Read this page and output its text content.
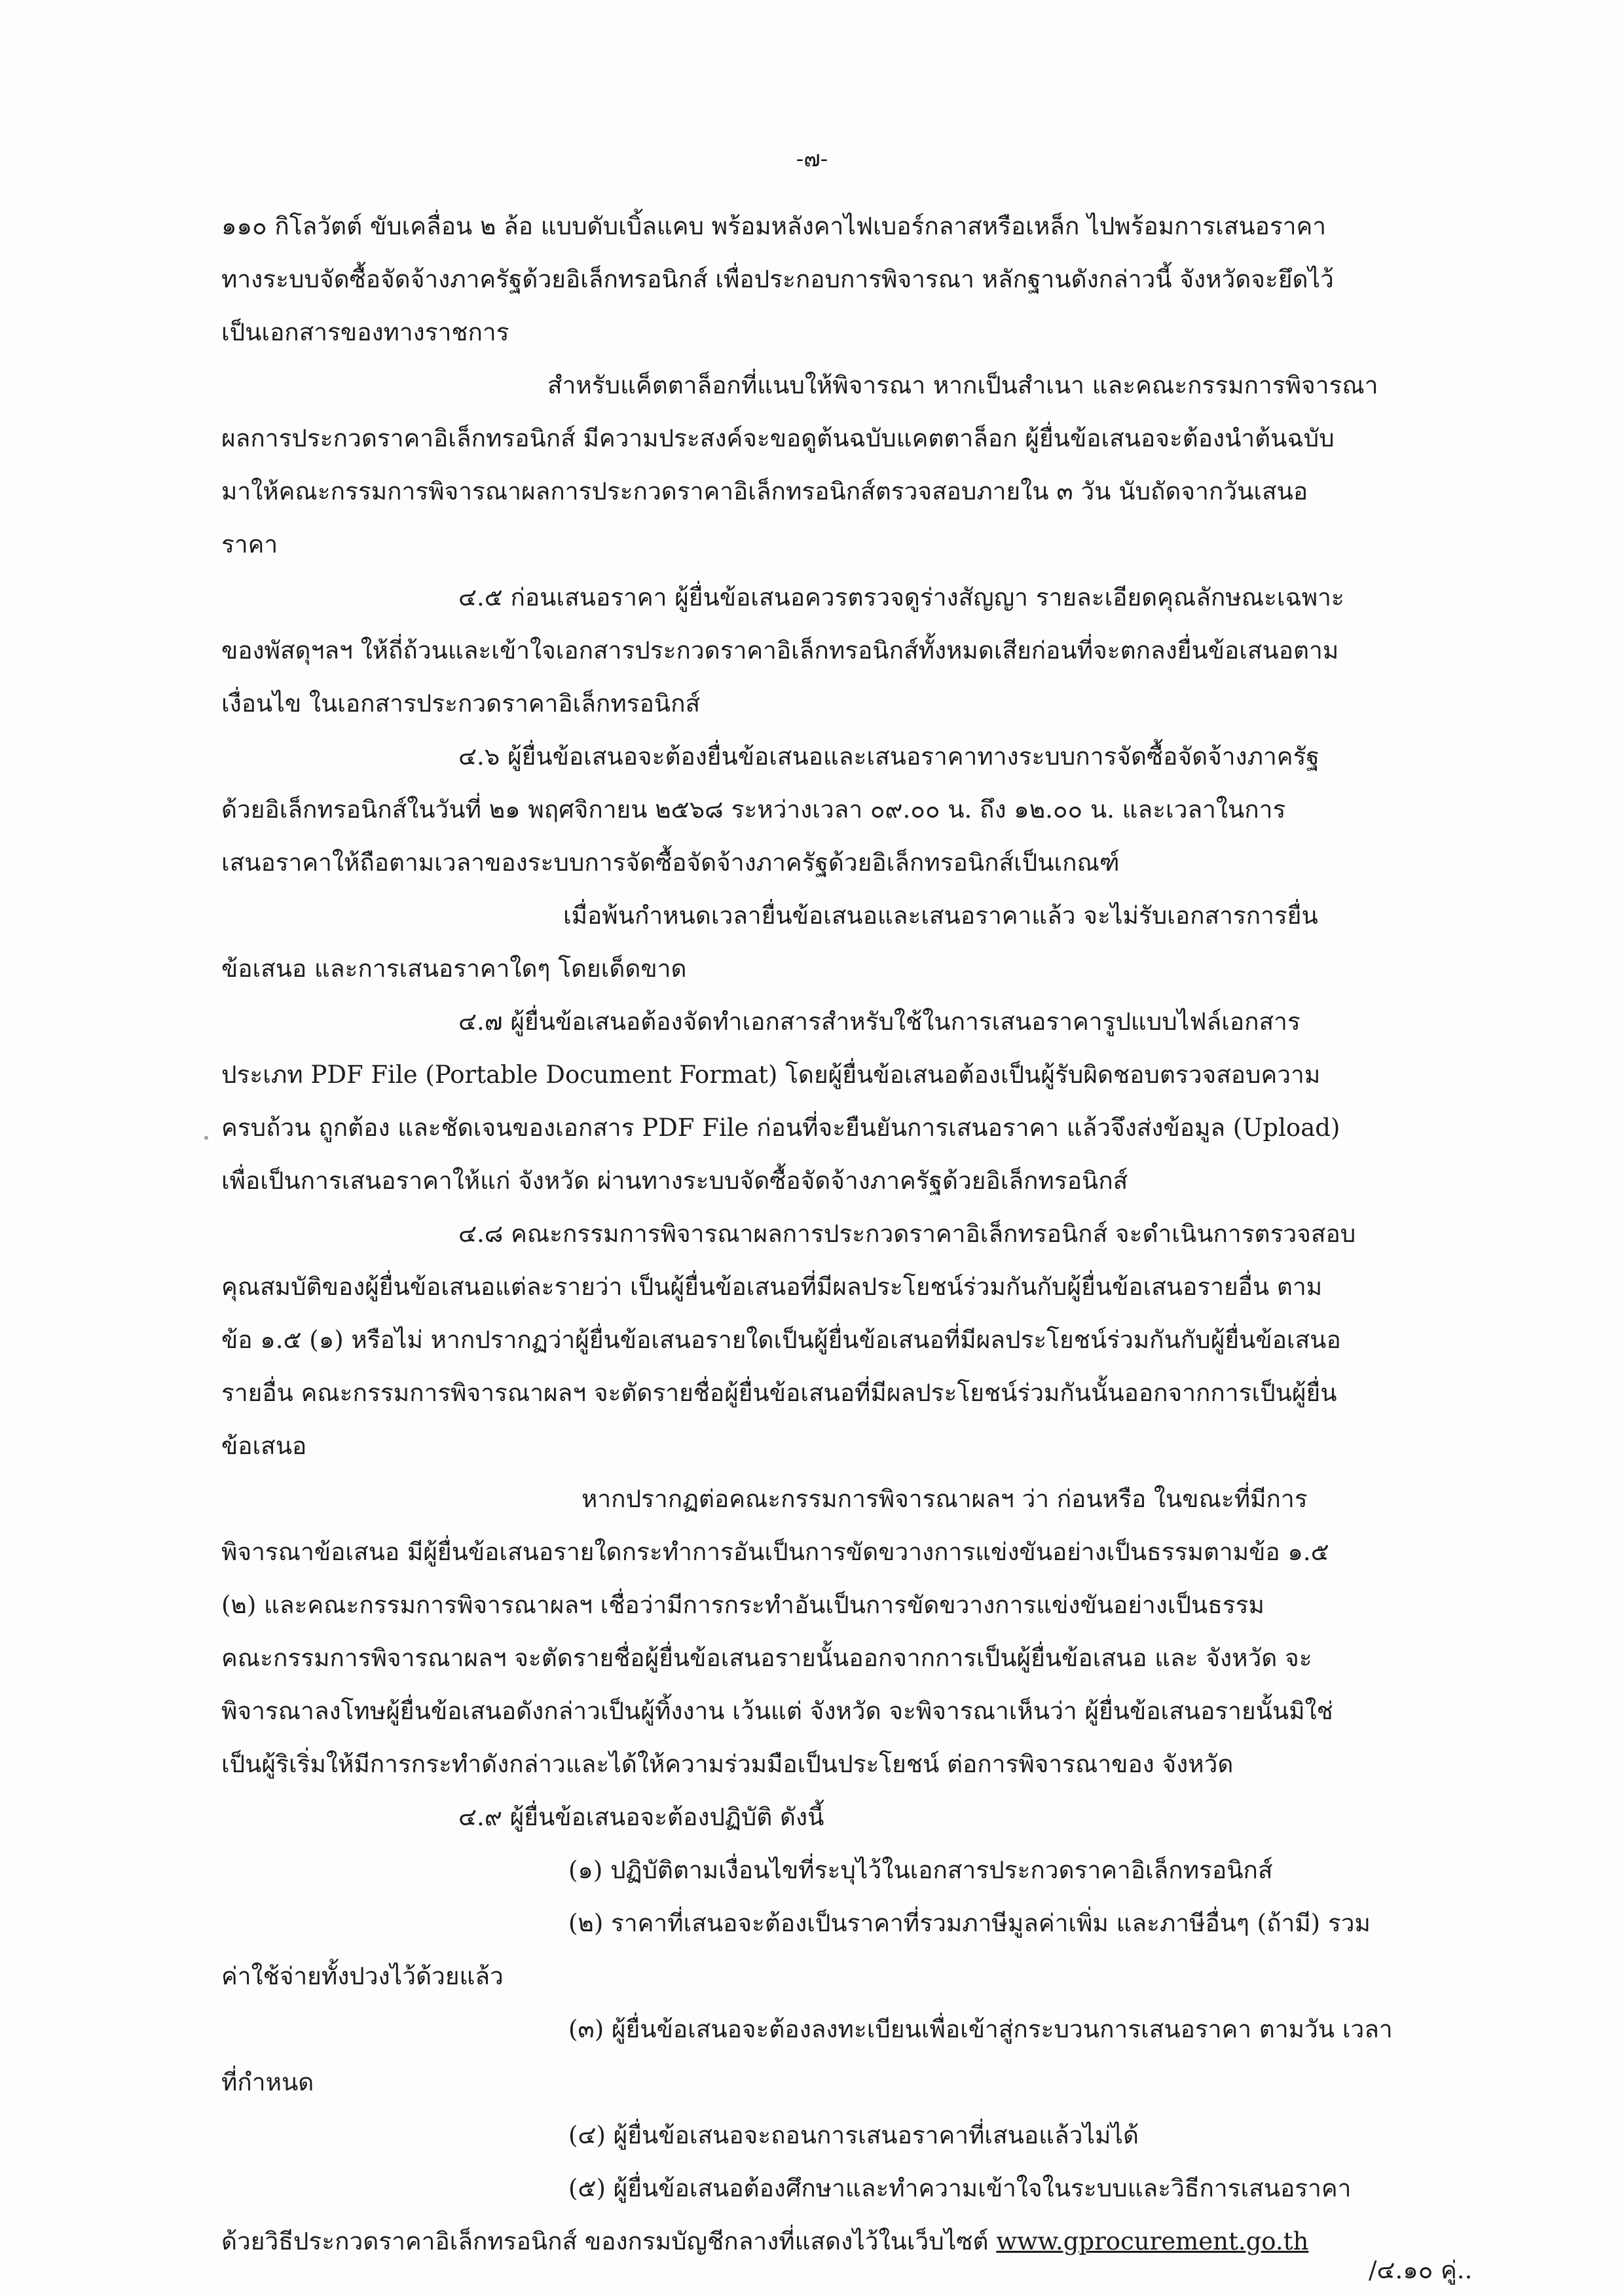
-๗-
๑๑๐ กิโลวัตต์ ขับเคลื่อน ๒ ล้อ แบบดับเบิ้ลแคบ พร้อมหลังคาไฟเบอร์กลาสหรือเหล็ก ไปพร้อมการเสนอราคา
ทางระบบจัดซื้อจัดจ้างภาครัฐด้วยอิเล็กทรอนิกส์ เพื่อประกอบการพิจารณา หลักฐานดังกล่าวนี้ จังหวัดจะยึดไว้
เป็นเอกสารของทางราชการ
สำหรับแค็ตตาล็อกที่แนบให้พิจารณา หากเป็นสำเนา และคณะกรรมการพิจารณา
ผลการประกวดราคาอิเล็กทรอนิกส์ มีความประสงค์จะขอดูต้นฉบับแคตตาล็อก ผู้ยื่นข้อเสนอจะต้องนำต้นฉบับ
มาให้คณะกรรมการพิจารณาผลการประกวดราคาอิเล็กทรอนิกส์ตรวจสอบภายใน ๓ วัน นับถัดจากวันเสนอ
ราคา
๔.๕ ก่อนเสนอราคา ผู้ยื่นข้อเสนอควรตรวจดูร่างสัญญา รายละเอียดคุณลักษณะเฉพาะ
ของพัสดุฯลฯ ให้ถี่ถ้วนและเข้าใจเอกสารประกวดราคาอิเล็กทรอนิกส์ทั้งหมดเสียก่อนที่จะตกลงยื่นข้อเสนอตาม
เงื่อนไข ในเอกสารประกวดราคาอิเล็กทรอนิกส์
๔.๖ ผู้ยื่นข้อเสนอจะต้องยื่นข้อเสนอและเสนอราคาทางระบบการจัดซื้อจัดจ้างภาครัฐ
ด้วยอิเล็กทรอนิกส์ในวันที่ ๒๑ พฤศจิกายน ๒๕๖๘ ระหว่างเวลา ๐๙.๐๐ น. ถึง ๑๒.๐๐ น. และเวลาในการ
เสนอราคาให้ถือตามเวลาของระบบการจัดซื้อจัดจ้างภาครัฐด้วยอิเล็กทรอนิกส์เป็นเกณฑ์
เมื่อพ้นกำหนดเวลายื่นข้อเสนอและเสนอราคาแล้ว จะไม่รับเอกสารการยื่น
ข้อเสนอ และการเสนอราคาใดๆ โดยเด็ดขาด
๔.๗ ผู้ยื่นข้อเสนอต้องจัดทำเอกสารสำหรับใช้ในการเสนอราคารูปแบบไฟล์เอกสาร
ประเภท PDF File (Portable Document Format) โดยผู้ยื่นข้อเสนอต้องเป็นผู้รับผิดชอบตรวจสอบความ
ครบถ้วน ถูกต้อง และชัดเจนของเอกสาร PDF File ก่อนที่จะยืนยันการเสนอราคา แล้วจึงส่งข้อมูล (Upload)
เพื่อเป็นการเสนอราคาให้แก่ จังหวัด ผ่านทางระบบจัดซื้อจัดจ้างภาครัฐด้วยอิเล็กทรอนิกส์
๔.๘ คณะกรรมการพิจารณาผลการประกวดราคาอิเล็กทรอนิกส์ จะดำเนินการตรวจสอบ
คุณสมบัติของผู้ยื่นข้อเสนอแต่ละรายว่า เป็นผู้ยื่นข้อเสนอที่มีผลประโยชน์ร่วมกันกับผู้ยื่นข้อเสนอรายอื่น ตาม
ข้อ ๑.๕ (๑) หรือไม่ หากปรากฏว่าผู้ยื่นข้อเสนอรายใดเป็นผู้ยื่นข้อเสนอที่มีผลประโยชน์ร่วมกันกับผู้ยื่นข้อเสนอ
รายอื่น คณะกรรมการพิจารณาผลฯ จะตัดรายชื่อผู้ยื่นข้อเสนอที่มีผลประโยชน์ร่วมกันนั้นออกจากการเป็นผู้ยื่น
ข้อเสนอ
หากปรากฏต่อคณะกรรมการพิจารณาผลฯ ว่า ก่อนหรือ ในขณะที่มีการ
พิจารณาข้อเสนอ มีผู้ยื่นข้อเสนอรายใดกระทำการอันเป็นการขัดขวางการแข่งขันอย่างเป็นธรรมตามข้อ ๑.๕
(๒) และคณะกรรมการพิจารณาผลฯ เชื่อว่ามีการกระทำอันเป็นการขัดขวางการแข่งขันอย่างเป็นธรรม
คณะกรรมการพิจารณาผลฯ จะตัดรายชื่อผู้ยื่นข้อเสนอรายนั้นออกจากการเป็นผู้ยื่นข้อเสนอ และ จังหวัด จะ
พิจารณาลงโทษผู้ยื่นข้อเสนอดังกล่าวเป็นผู้ทิ้งงาน เว้นแต่ จังหวัด จะพิจารณาเห็นว่า ผู้ยื่นข้อเสนอรายนั้นมิใช่
เป็นผู้ริเริ่มให้มีการกระทำดังกล่าวและได้ให้ความร่วมมือเป็นประโยชน์ ต่อการพิจารณาของ จังหวัด
๔.๙ ผู้ยื่นข้อเสนอจะต้องปฏิบัติ ดังนี้
(๑) ปฏิบัติตามเงื่อนไขที่ระบุไว้ในเอกสารประกวดราคาอิเล็กทรอนิกส์
(๒) ราคาที่เสนอจะต้องเป็นราคาที่รวมภาษีมูลค่าเพิ่ม และภาษีอื่นๆ (ถ้ามี) รวม
ค่าใช้จ่ายทั้งปวงไว้ด้วยแล้ว
(๓) ผู้ยื่นข้อเสนอจะต้องลงทะเบียนเพื่อเข้าสู่กระบวนการเสนอราคา ตามวัน เวลา
ที่กำหนด
(๔) ผู้ยื่นข้อเสนอจะถอนการเสนอราคาที่เสนอแล้วไม่ได้
(๕) ผู้ยื่นข้อเสนอต้องศึกษาและทำความเข้าใจในระบบและวิธีการเสนอราคา
ด้วยวิธีประกวดราคาอิเล็กทรอนิกส์ ของกรมบัญชีกลางที่แสดงไว้ในเว็บไซต์ www.gprocurement.go.th
/๔.๑๐ คู่..
